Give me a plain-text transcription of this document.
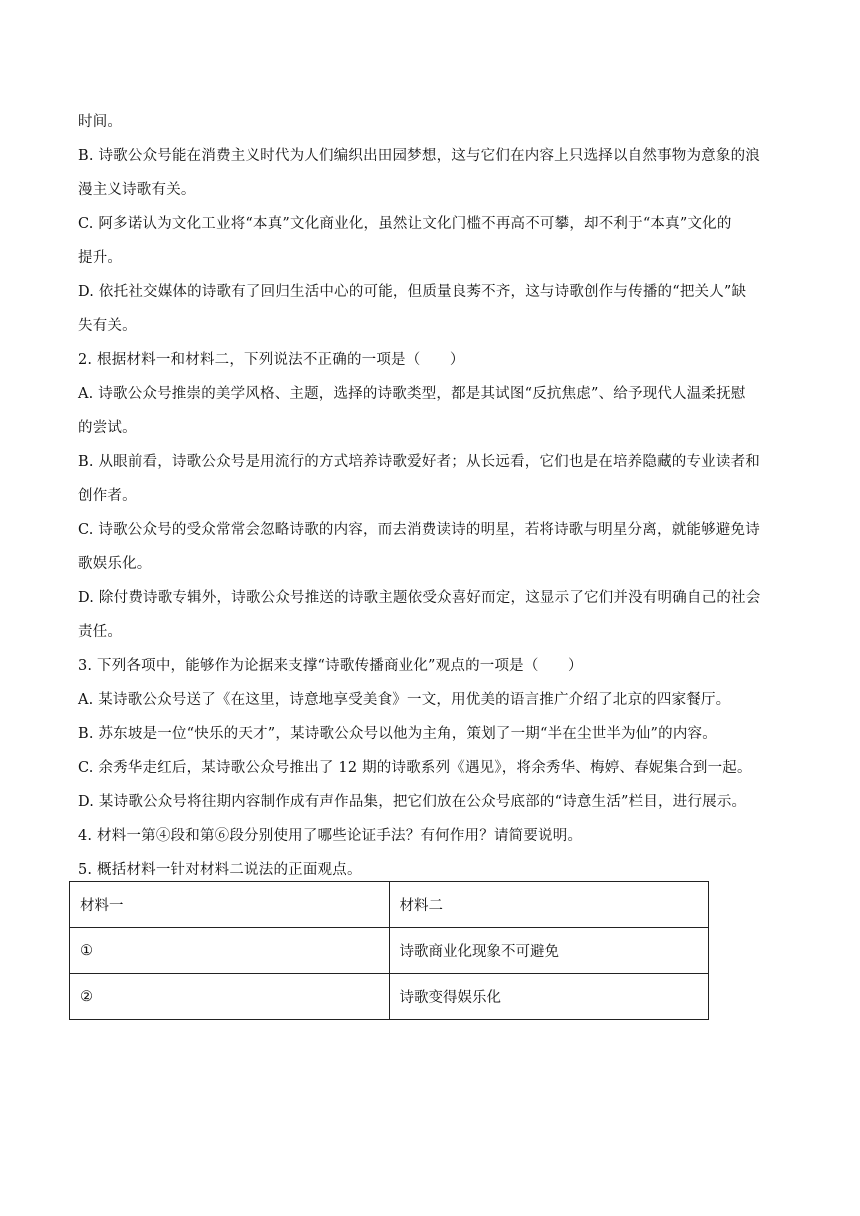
时间。
B. 诗歌公众号能在消费主义时代为人们编织出田园梦想，这与它们在内容上只选择以自然事物为意象的浪
漫主义诗歌有关。
C. 阿多诺认为文化工业将“本真”文化商业化，虽然让文化门槛不再高不可攀，却不利于“本真”文化的
提升。
D. 依托社交媒体的诗歌有了回归生活中心的可能，但质量良莠不齐，这与诗歌创作与传播的“把关人”缺
失有关。
2. 根据材料一和材料二，下列说法不正确的一项是（　　）
A. 诗歌公众号推崇的美学风格、主题，选择的诗歌类型，都是其试图“反抗焦虑”、给予现代人温柔抚慰
的尝试。
B. 从眼前看，诗歌公众号是用流行的方式培养诗歌爱好者；从长远看，它们也是在培养隐藏的专业读者和
创作者。
C. 诗歌公众号的受众常常会忽略诗歌的内容，而去消费读诗的明星，若将诗歌与明星分离，就能够避免诗
歌娱乐化。
D. 除付费诗歌专辑外，诗歌公众号推送的诗歌主题依受众喜好而定，这显示了它们并没有明确自己的社会
责任。
3. 下列各项中，能够作为论据来支撑“诗歌传播商业化”观点的一项是（　　）
A. 某诗歌公众号送了《在这里，诗意地享受美食》一文，用优美的语言推广介绍了北京的四家餐厅。
B. 苏东坡是一位“快乐的天才”，某诗歌公众号以他为主角，策划了一期“半在尘世半为仙”的内容。
C. 余秀华走红后，某诗歌公众号推出了 12 期的诗歌系列《遇见》，将余秀华、梅婷、春妮集合到一起。
D. 某诗歌公众号将往期内容制作成有声作品集，把它们放在公众号底部的“诗意生活”栏目，进行展示。
4. 材料一第④段和第⑥段分别使用了哪些论证手法？有何作用？请简要说明。
5. 概括材料一针对材料二说法的正面观点。
材料一	材料二
①	诗歌商业化现象不可避免
②	诗歌变得娱乐化
